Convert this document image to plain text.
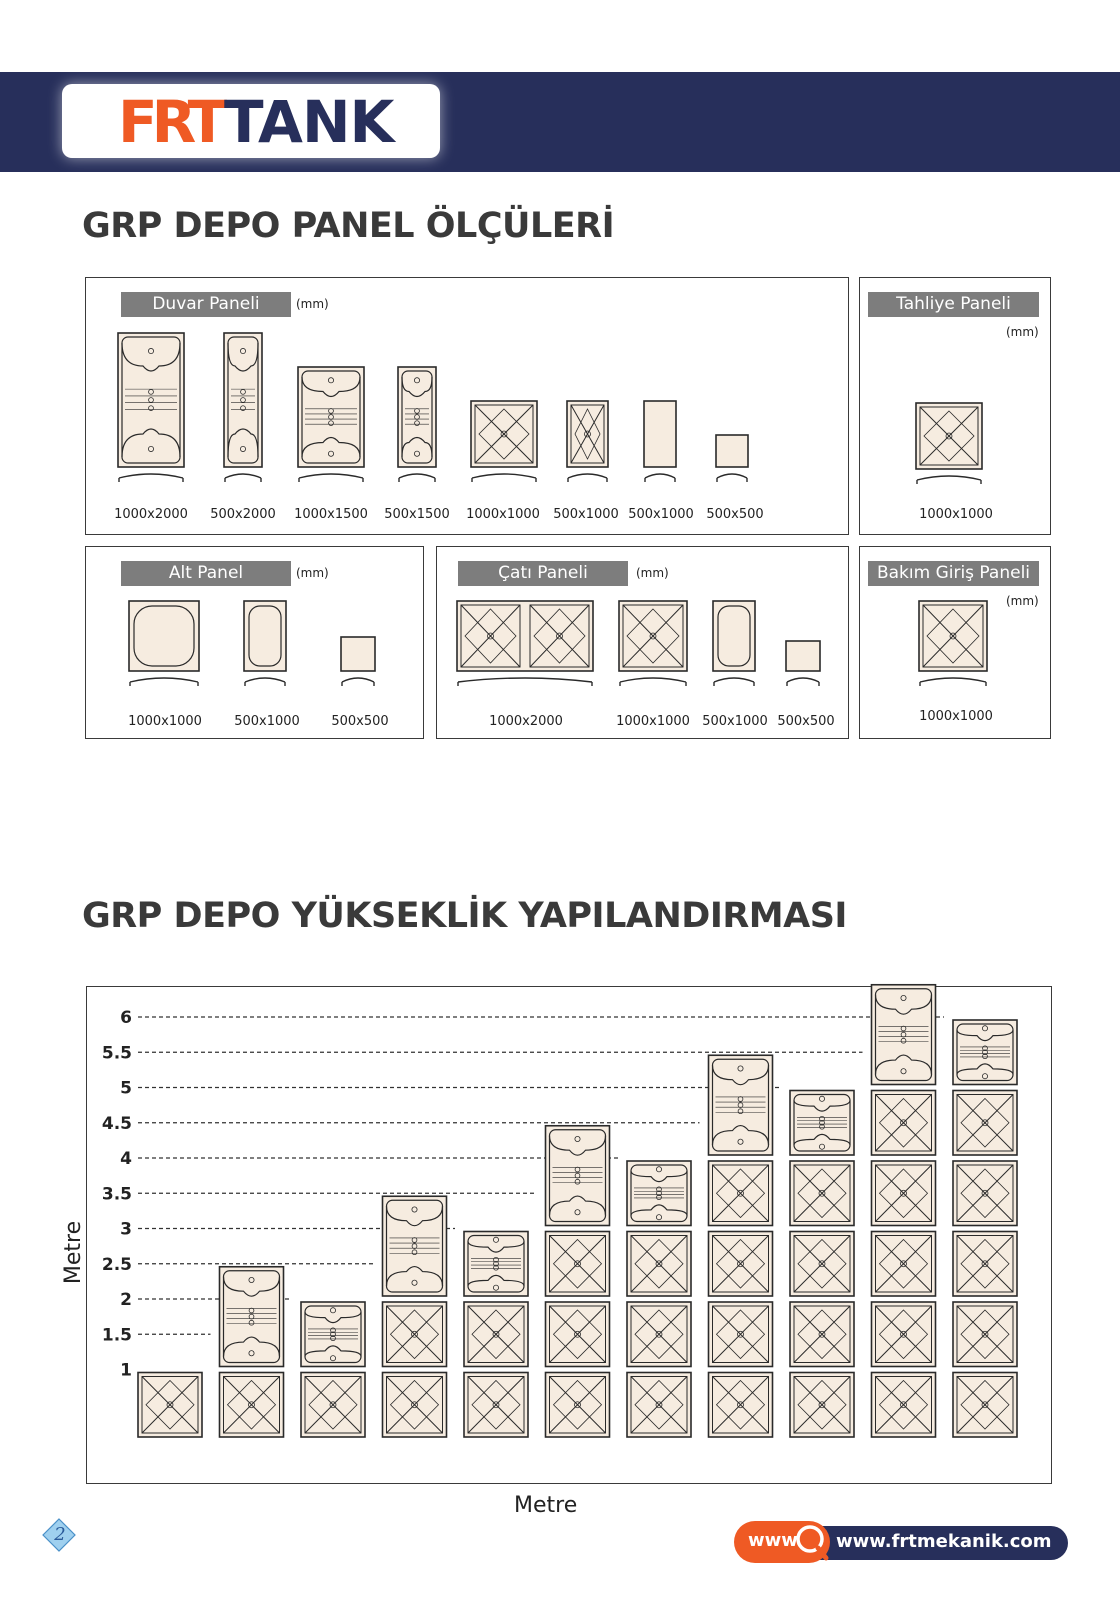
FRT TANK
GRP DEPO PANEL ÖLÇÜLERİ
Duvar Paneli	(mm)	Tahliye Paneli
(mm)
Alt Panel	(mm)	Çatı Paneli	(mm)	Bakım Giriş Paneli
(mm)
1000x2000 500x2000 1000x1500 500x1500 1000x1000 500x1000 500x1000 500x500	1000x1000
1000x1000 500x1000 500x500	1000x2000	1000x1000 500x1000 500x500	1000x1000
GRP DEPO YÜKSEKLİK YAPILANDIRMASI
6
5.5
5
4.5
4
3.5
3
2.5
2
1.5
1
Metre
Metre
2	www www.frtmekanik.com
